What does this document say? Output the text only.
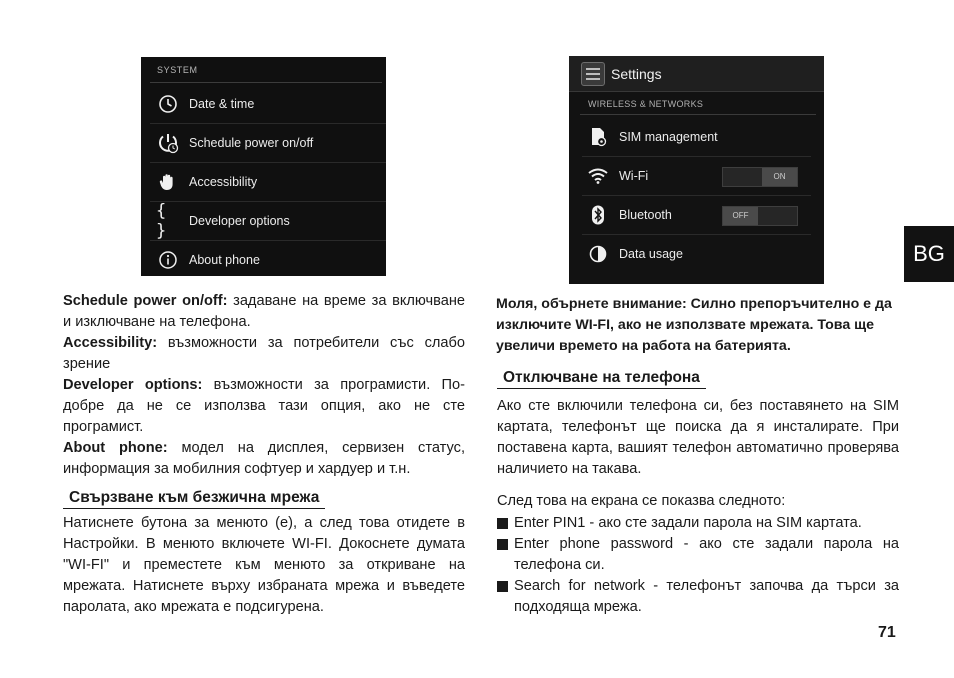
SYSTEM
Date & time
Schedule power on/off
Accessibility
{ }	Developer options
About phone
Settings
WIRELESS & NETWORKS
SIM management
Wi-Fi	ON
Bluetooth	OFF
Data usage
Schedule power on/off: задаване на време за включване и изключване на телефона.
Accessibility: възможности за потребители със слабо зрение
Developer options: възможности за програмисти. По-добре да не се използва тази опция, ако не сте програмист.
About phone: модел на дисплея, сервизен статус, информация за мобилния софтуер и хардуер и т.н.
Свързване към безжична мрежа
Натиснете бутона за менюто (е), а след това отидете в Настройки. В менюто включете WI-FI. Докоснете думата "WI-FI" и преместете към менюто за откриване на мрежата. Натиснете върху избраната мрежа и въведете паролата, ако мрежата е подсигурена.
Моля, обърнете внимание: Силно препоръчително е да изключите WI-FI, ако не използвате мрежата. Това ще увеличи времето на работа на батерията.
Отключване на телефона
Ако сте включили телефона си, без поставянето на SIM картата, телефонът ще поиска да я инсталирате. При поставена карта, вашият телефон автоматично проверява наличието на такава.
След това на екрана се показва следното:
Enter PIN1 - ако сте задали парола на SIM картата.
Enter phone password - ако сте задали парола на телефона си.
Search for network - телефонът започва да търси за подходяща мрежа.
BG
71
